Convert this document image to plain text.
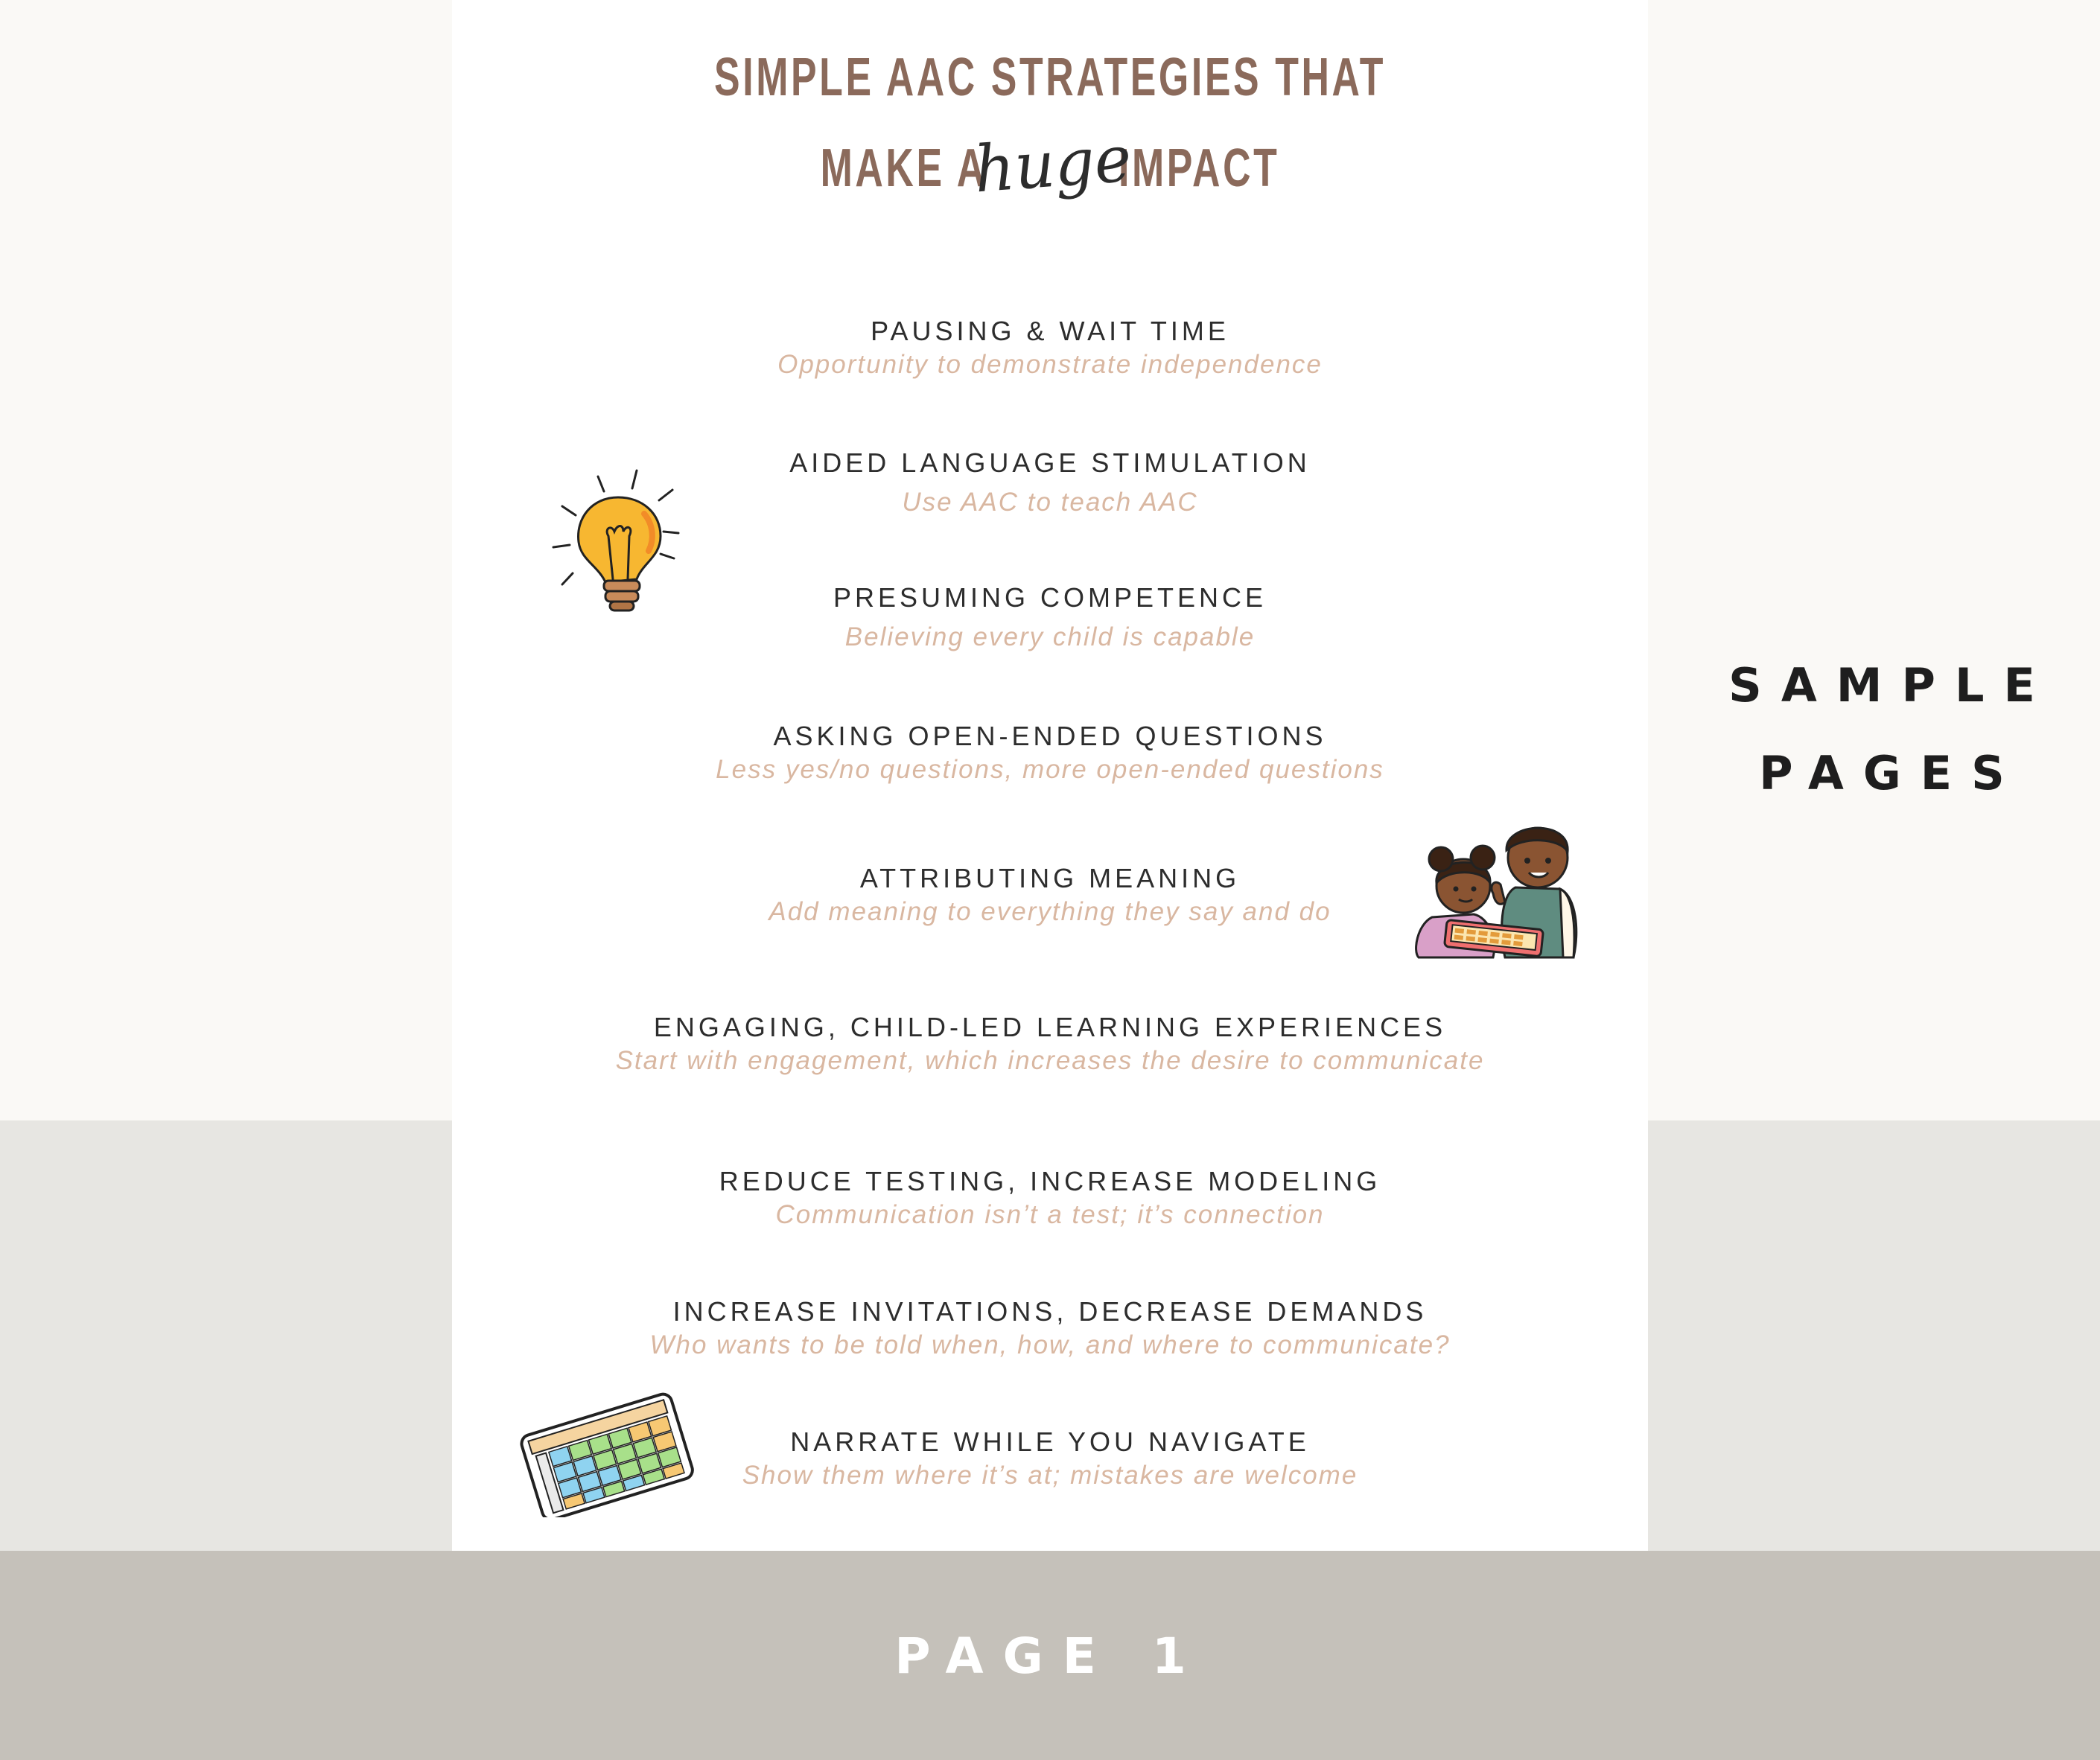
SIMPLE AAC STRATEGIES THAT
MAKE AhugeIMPACT
PAUSING & WAIT TIME
Opportunity to demonstrate independence
AIDED LANGUAGE STIMULATION
Use AAC to teach AAC
PRESUMING COMPETENCE
Believing every child is capable
ASKING OPEN-ENDED QUESTIONS
Less yes/no questions, more open-ended questions
ATTRIBUTING MEANING
Add meaning to everything they say and do
ENGAGING, CHILD-LED LEARNING EXPERIENCES
Start with engagement, which increases the desire to communicate
REDUCE TESTING, INCREASE MODELING
Communication isn’t a test; it’s connection
INCREASE INVITATIONS, DECREASE DEMANDS
Who wants to be told when, how, and where to communicate?
NARRATE WHILE YOU NAVIGATE
Show them where it’s at; mistakes are welcome
SAMPLE
PAGES
PAGE 1
